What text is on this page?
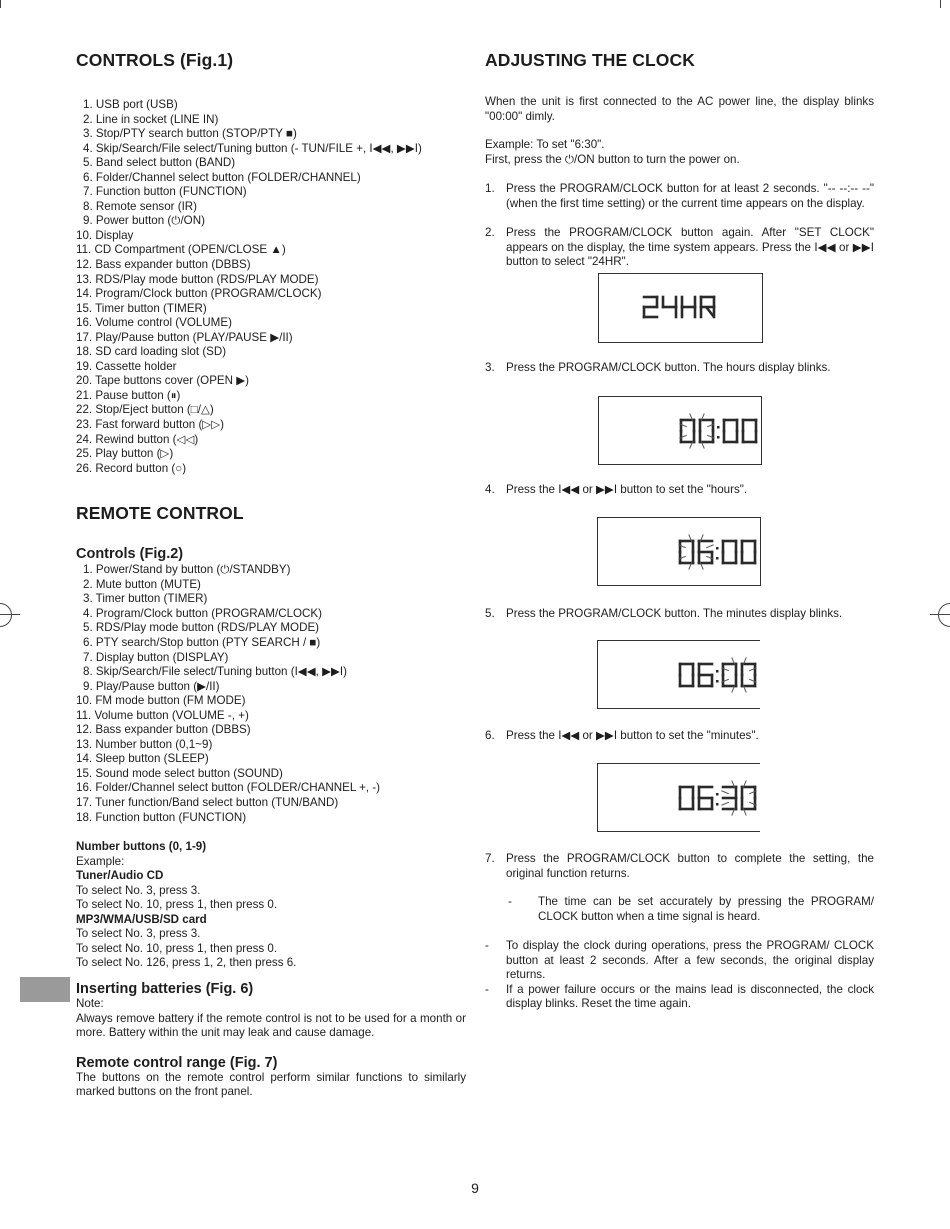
CONTROLS (Fig.1)
1. USB port (USB)
2. Line in socket (LINE IN)
3. Stop/PTY search button (STOP/PTY ■)
4. Skip/Search/File select/Tuning button (- TUN/FILE +, I◀◀, ▶▶I)
5. Band select button (BAND)
6. Folder/Channel select button (FOLDER/CHANNEL)
7. Function button (FUNCTION)
8. Remote sensor (IR)
9. Power button (⏻/ON)
10. Display
11. CD Compartment (OPEN/CLOSE ▲)
12. Bass expander button (DBBS)
13. RDS/Play mode button (RDS/PLAY MODE)
14. Program/Clock button (PROGRAM/CLOCK)
15. Timer button (TIMER)
16. Volume control (VOLUME)
17. Play/Pause button (PLAY/PAUSE ▶/II)
18. SD card loading slot (SD)
19. Cassette holder
20. Tape buttons cover (OPEN ▶)
21. Pause button (⏸)
22. Stop/Eject button (□/△)
23. Fast forward button (▷▷)
24. Rewind button (◁◁)
25. Play button (▷)
26. Record button (○)
REMOTE CONTROL
Controls (Fig.2)
1. Power/Stand by button (⏻/STANDBY)
2. Mute button (MUTE)
3. Timer button (TIMER)
4. Program/Clock button (PROGRAM/CLOCK)
5. RDS/Play mode button (RDS/PLAY MODE)
6. PTY search/Stop button (PTY SEARCH / ■)
7. Display button (DISPLAY)
8. Skip/Search/File select/Tuning button (I◀◀, ▶▶I)
9. Play/Pause button (▶/II)
10. FM mode button (FM MODE)
11. Volume button (VOLUME -, +)
12. Bass expander button (DBBS)
13. Number button (0,1~9)
14. Sleep button (SLEEP)
15. Sound mode select button (SOUND)
16. Folder/Channel select button (FOLDER/CHANNEL +, -)
17. Tuner function/Band select button (TUN/BAND)
18. Function button (FUNCTION)
Number buttons (0, 1-9)
Example:
Tuner/Audio CD
To select No. 3, press 3.
To select No. 10, press 1, then press 0.
MP3/WMA/USB/SD card
To select No. 3, press 3.
To select No. 10, press 1, then press 0.
To select No. 126, press 1, 2, then press 6.
Inserting batteries (Fig. 6)
Note:
Always remove battery if the remote control is not to be used for a month or more. Battery within the unit may leak and cause damage.
Remote control range (Fig. 7)
The buttons on the remote control perform similar functions to similarly marked buttons on the front panel.
ADJUSTING THE CLOCK
When the unit is first connected to the AC power line, the display blinks "00:00" dimly.
Example: To set "6:30".
First, press the ⏻/ON button to turn the power on.
1. Press the PROGRAM/CLOCK button for at least 2 seconds. "-- --:-- --"(when the first time setting) or the current time appears on the display.
2. Press the PROGRAM/CLOCK button again. After "SET CLOCK" appears on the display, the time system appears. Press the I◀◀ or ▶▶I button to select "24HR".
3. Press the PROGRAM/CLOCK button. The hours display blinks.
4. Press the I◀◀ or ▶▶I button to set the "hours".
5. Press the PROGRAM/CLOCK button. The minutes display blinks.
6. Press the I◀◀ or ▶▶I button to set the "minutes".
7. Press the PROGRAM/CLOCK button to complete the setting, the original function returns.
- The time can be set accurately by pressing the PROGRAM/ CLOCK button when a time signal is heard.
- To display the clock during operations, press the PROGRAM/ CLOCK button at least 2 seconds. After a few seconds, the original display returns.
- If a power failure occurs or the mains lead is disconnected, the clock display blinks. Reset the time again.
9
